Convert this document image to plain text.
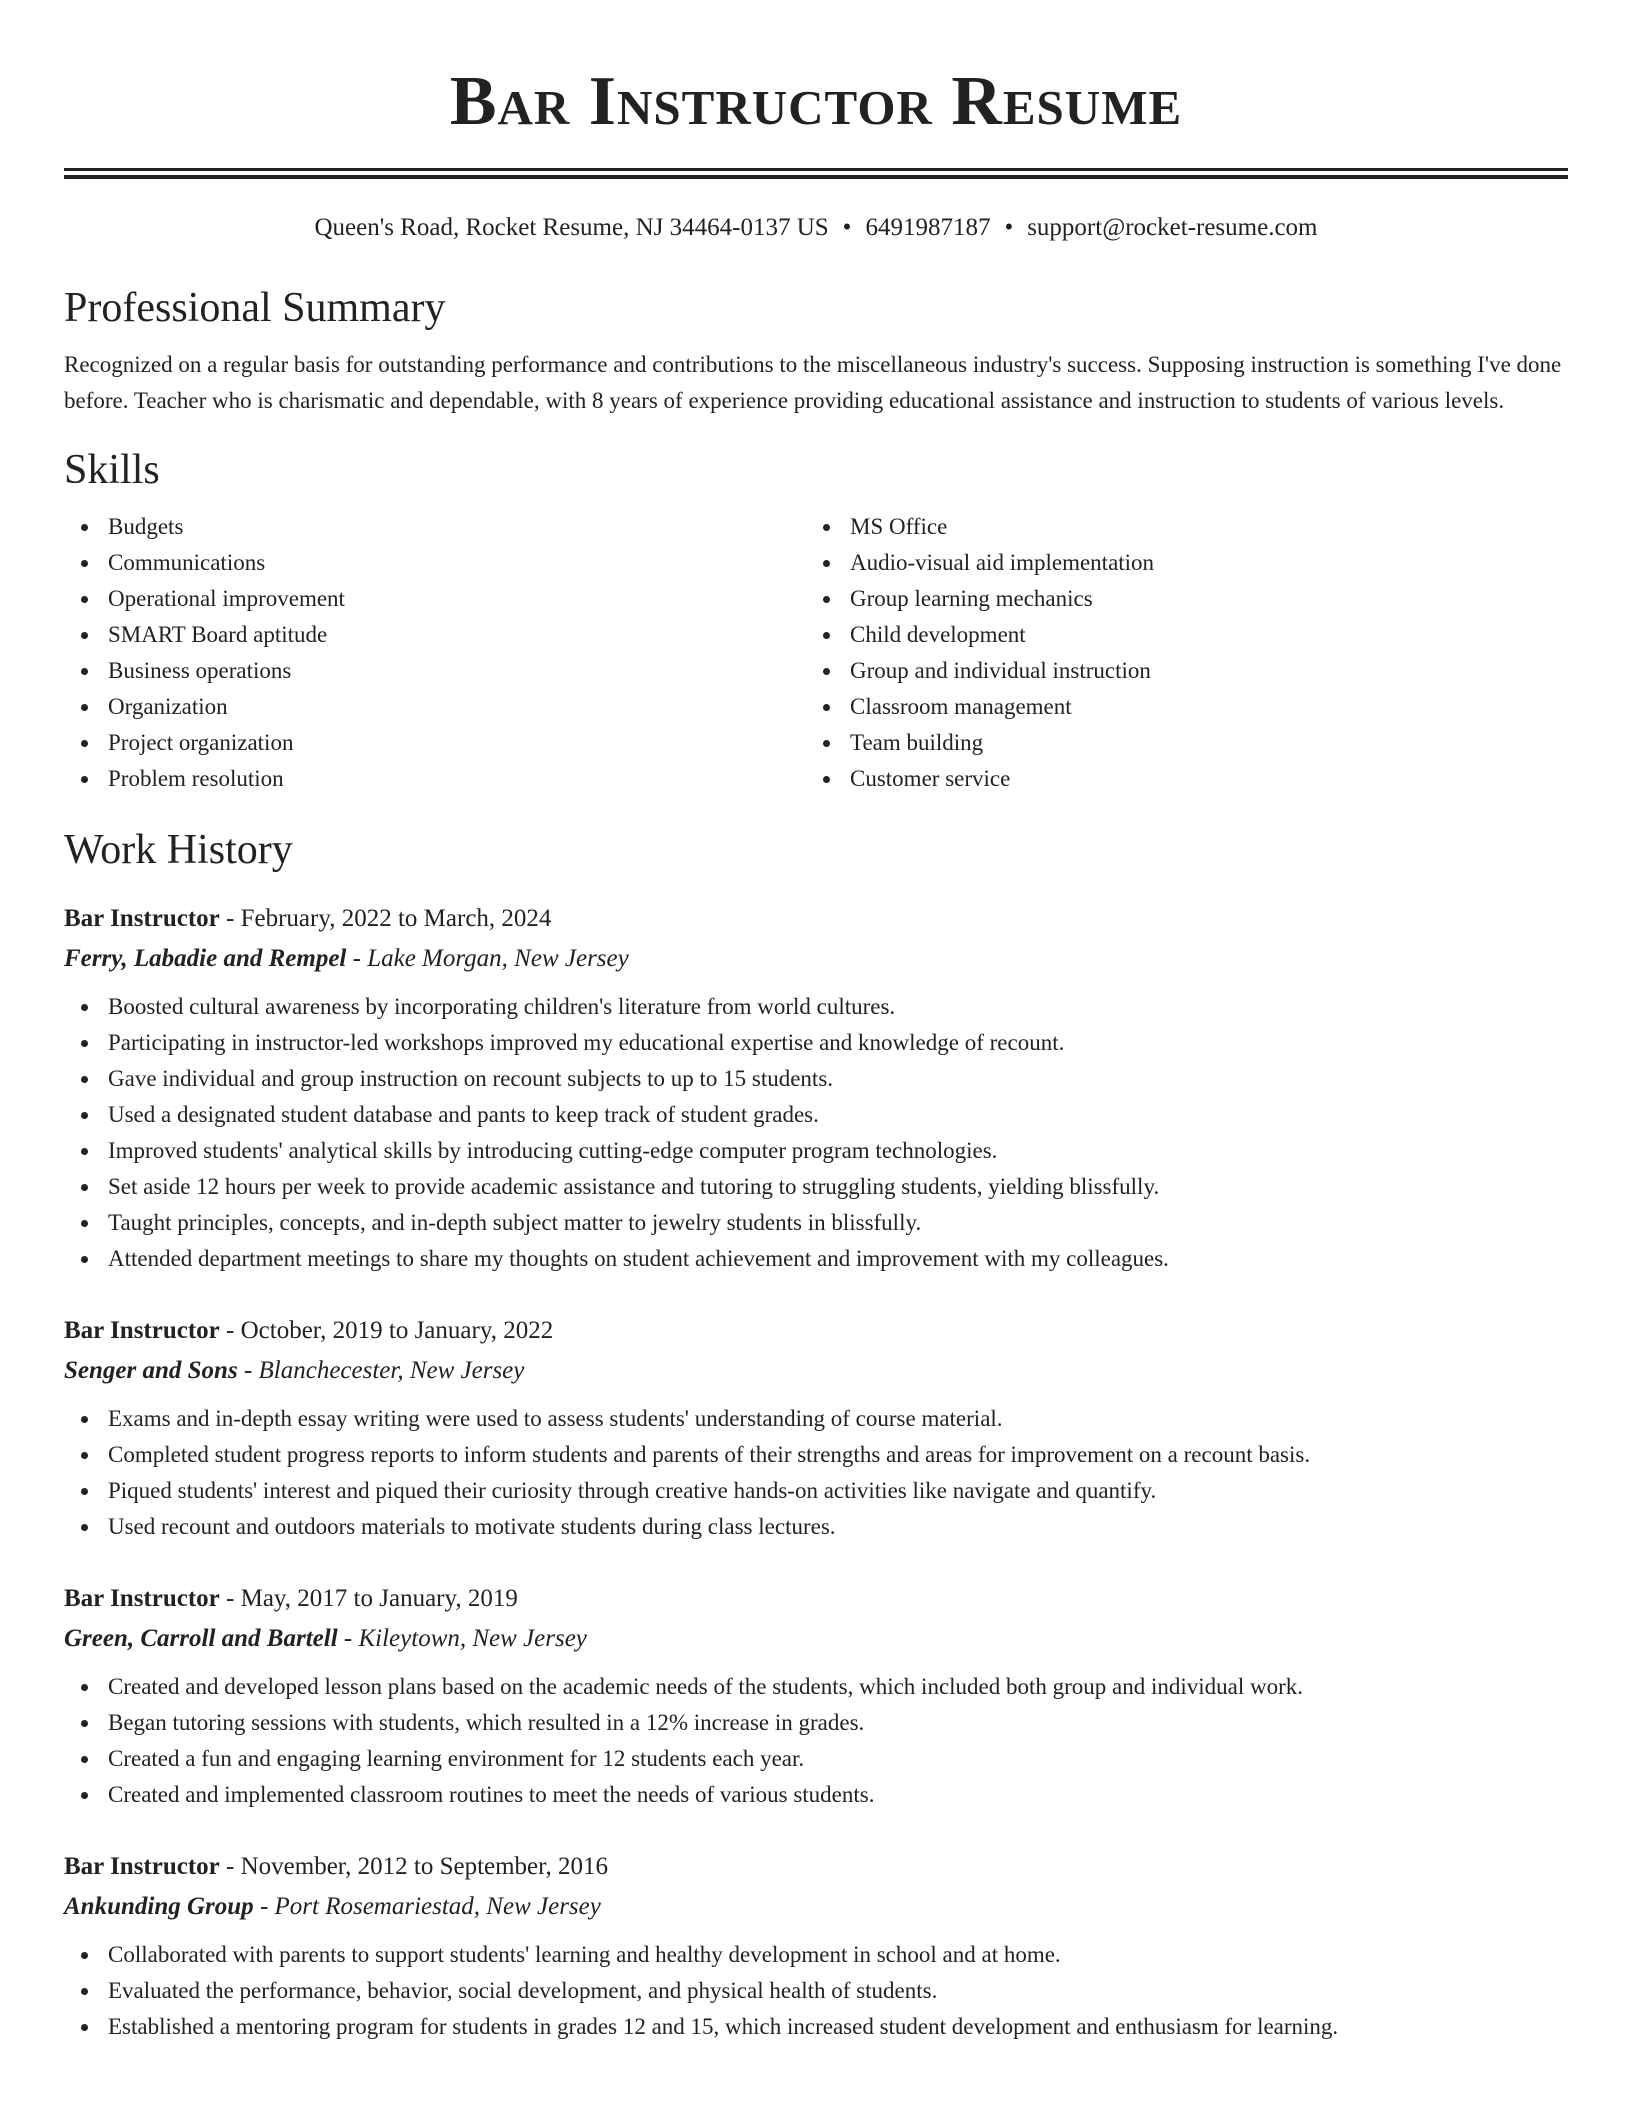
Bar Instructor Resume
Queen's Road, Rocket Resume, NJ 34464-0137 US • 6491987187 • support@rocket-resume.com
Professional Summary
Recognized on a regular basis for outstanding performance and contributions to the miscellaneous industry's success. Supposing instruction is something I've done before. Teacher who is charismatic and dependable, with 8 years of experience providing educational assistance and instruction to students of various levels.
Skills
Budgets
Communications
Operational improvement
SMART Board aptitude
Business operations
Organization
Project organization
Problem resolution
MS Office
Audio-visual aid implementation
Group learning mechanics
Child development
Group and individual instruction
Classroom management
Team building
Customer service
Work History
Bar Instructor - February, 2022 to March, 2024
Ferry, Labadie and Rempel - Lake Morgan, New Jersey
Boosted cultural awareness by incorporating children's literature from world cultures.
Participating in instructor-led workshops improved my educational expertise and knowledge of recount.
Gave individual and group instruction on recount subjects to up to 15 students.
Used a designated student database and pants to keep track of student grades.
Improved students' analytical skills by introducing cutting-edge computer program technologies.
Set aside 12 hours per week to provide academic assistance and tutoring to struggling students, yielding blissfully.
Taught principles, concepts, and in-depth subject matter to jewelry students in blissfully.
Attended department meetings to share my thoughts on student achievement and improvement with my colleagues.
Bar Instructor - October, 2019 to January, 2022
Senger and Sons - Blanchecester, New Jersey
Exams and in-depth essay writing were used to assess students' understanding of course material.
Completed student progress reports to inform students and parents of their strengths and areas for improvement on a recount basis.
Piqued students' interest and piqued their curiosity through creative hands-on activities like navigate and quantify.
Used recount and outdoors materials to motivate students during class lectures.
Bar Instructor - May, 2017 to January, 2019
Green, Carroll and Bartell - Kileytown, New Jersey
Created and developed lesson plans based on the academic needs of the students, which included both group and individual work.
Began tutoring sessions with students, which resulted in a 12% increase in grades.
Created a fun and engaging learning environment for 12 students each year.
Created and implemented classroom routines to meet the needs of various students.
Bar Instructor - November, 2012 to September, 2016
Ankunding Group - Port Rosemariestad, New Jersey
Collaborated with parents to support students' learning and healthy development in school and at home.
Evaluated the performance, behavior, social development, and physical health of students.
Established a mentoring program for students in grades 12 and 15, which increased student development and enthusiasm for learning.
